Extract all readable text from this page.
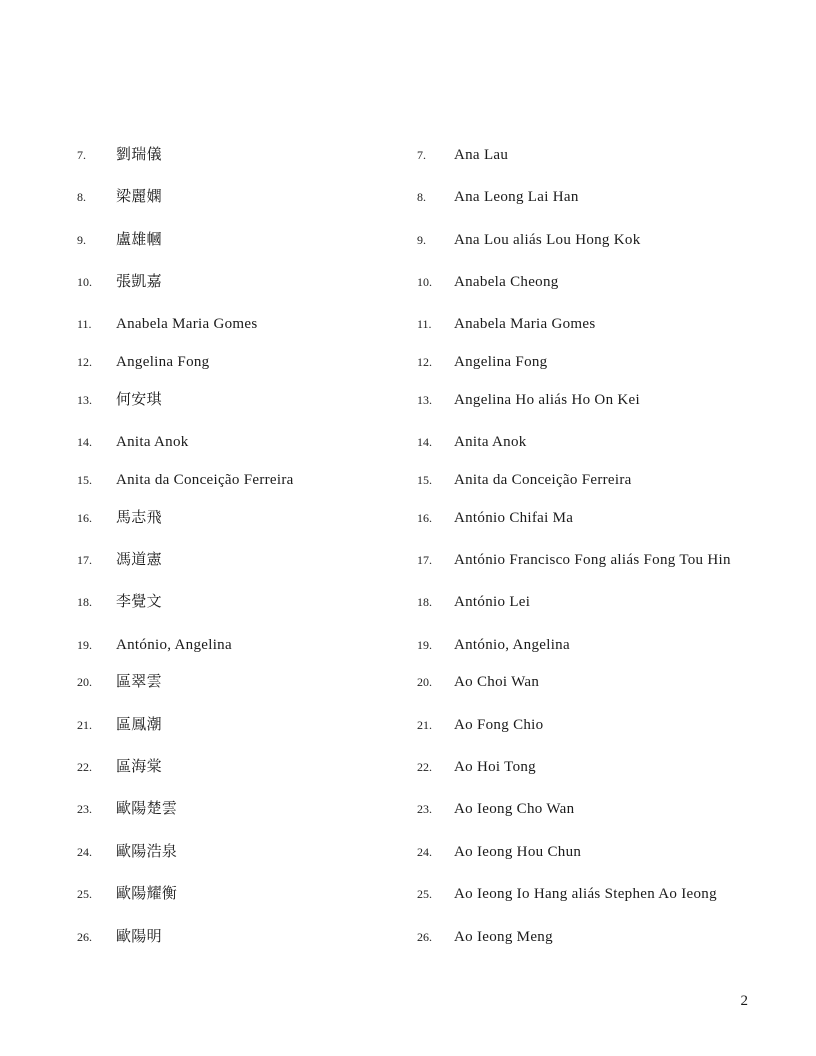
7. 劉瑞儀	7. Ana Lau
8. 梁麗嫻	8. Ana Leong Lai Han
9. 盧雄幗	9. Ana Lou aliás Lou Hong Kok
10. 張凱嘉	10. Anabela Cheong
11. Anabela Maria Gomes	11. Anabela Maria Gomes
12. Angelina Fong	12. Angelina Fong
13. 何安琪	13. Angelina Ho aliás Ho On Kei
14. Anita Anok	14. Anita Anok
15. Anita da Conceição Ferreira	15. Anita da Conceição Ferreira
16. 馬志飛	16. António Chifai Ma
17. 馮道憲	17. António Francisco Fong aliás Fong Tou Hin
18. 李覺文	18. António Lei
19. António, Angelina	19. António, Angelina
20. 區翠雲	20. Ao Choi Wan
21. 區鳳潮	21. Ao Fong Chio
22. 區海棠	22. Ao Hoi Tong
23. 歐陽楚雲	23. Ao Ieong Cho Wan
24. 歐陽浩泉	24. Ao Ieong Hou Chun
25. 歐陽耀衡	25. Ao Ieong Io Hang aliás Stephen Ao Ieong
26. 歐陽明	26. Ao Ieong Meng
2
